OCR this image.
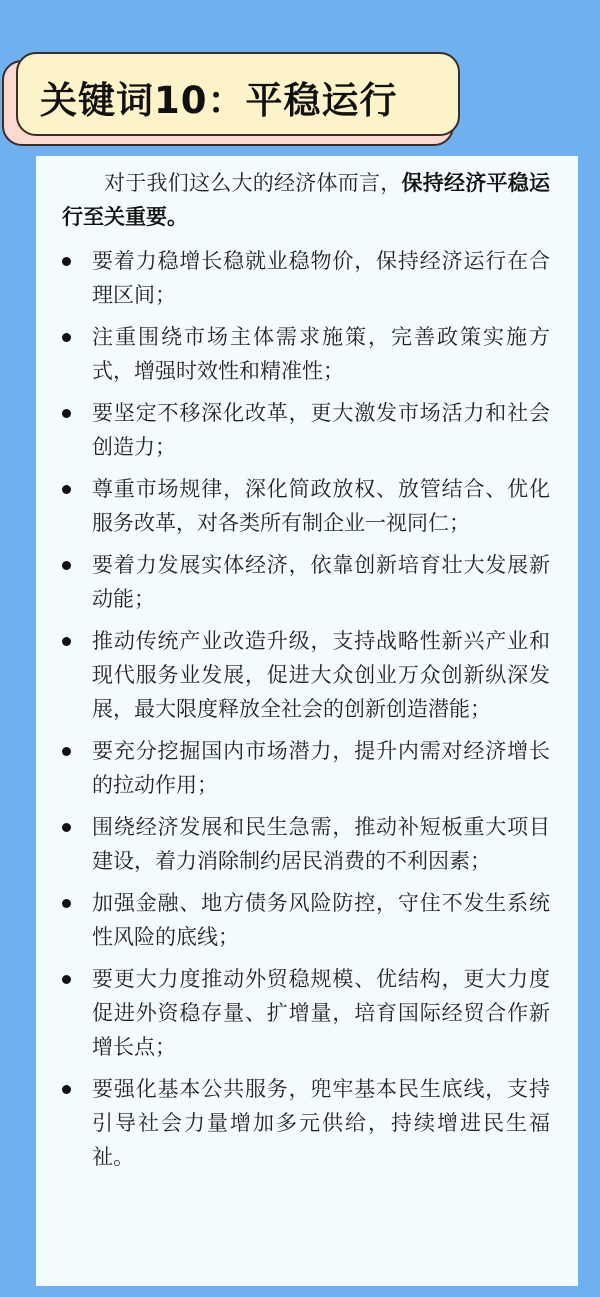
关键词10：平稳运行

对于我们这么大的经济体而言，保持经济平稳运行至关重要。

要着力稳增长稳就业稳物价，保持经济运行在合理区间；
注重围绕市场主体需求施策，完善政策实施方式，增强时效性和精准性；
要坚定不移深化改革，更大激发市场活力和社会创造力；
尊重市场规律，深化简政放权、放管结合、优化服务改革，对各类所有制企业一视同仁；
要着力发展实体经济，依靠创新培育壮大发展新动能；
推动传统产业改造升级，支持战略性新兴产业和现代服务业发展，促进大众创业万众创新纵深发展，最大限度释放全社会的创新创造潜能；
要充分挖掘国内市场潜力，提升内需对经济增长的拉动作用；
围绕经济发展和民生急需，推动补短板重大项目建设，着力消除制约居民消费的不利因素；
加强金融、地方债务风险防控，守住不发生系统性风险的底线；
要更大力度推动外贸稳规模、优结构，更大力度促进外资稳存量、扩增量，培育国际经贸合作新增长点；
要强化基本公共服务，兜牢基本民生底线，支持引导社会力量增加多元供给，持续增进民生福祉。
